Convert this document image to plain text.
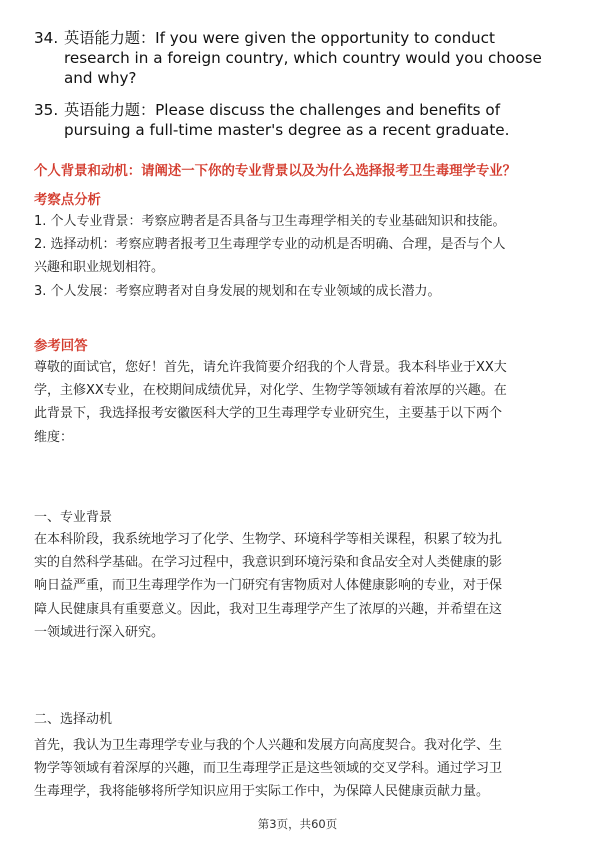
34. 英语能力题：If you were given the opportunity to conduct
research in a foreign country, which country would you choose
and why?
35. 英语能力题：Please discuss the challenges and benefits of
pursuing a full-time master's degree as a recent graduate.
个人背景和动机：请阐述一下你的专业背景以及为什么选择报考卫生毒理学专业？
考察点分析
1. 个人专业背景：考察应聘者是否具备与卫生毒理学相关的专业基础知识和技能。
2. 选择动机：考察应聘者报考卫生毒理学专业的动机是否明确、合理，是否与个人
兴趣和职业规划相符。
3. 个人发展：考察应聘者对自身发展的规划和在专业领域的成长潜力。
参考回答
尊敬的面试官，您好！首先，请允许我简要介绍我的个人背景。我本科毕业于XX大
学，主修XX专业，在校期间成绩优异，对化学、生物学等领域有着浓厚的兴趣。在
此背景下，我选择报考安徽医科大学的卫生毒理学专业研究生，主要基于以下两个
维度：
一、专业背景
在本科阶段，我系统地学习了化学、生物学、环境科学等相关课程，积累了较为扎
实的自然科学基础。在学习过程中，我意识到环境污染和食品安全对人类健康的影
响日益严重，而卫生毒理学作为一门研究有害物质对人体健康影响的专业，对于保
障人民健康具有重要意义。因此，我对卫生毒理学产生了浓厚的兴趣，并希望在这
一领域进行深入研究。
二、选择动机
首先，我认为卫生毒理学专业与我的个人兴趣和发展方向高度契合。我对化学、生
物学等领域有着深厚的兴趣，而卫生毒理学正是这些领域的交叉学科。通过学习卫
生毒理学，我将能够将所学知识应用于实际工作中，为保障人民健康贡献力量。
第3页，共60页
